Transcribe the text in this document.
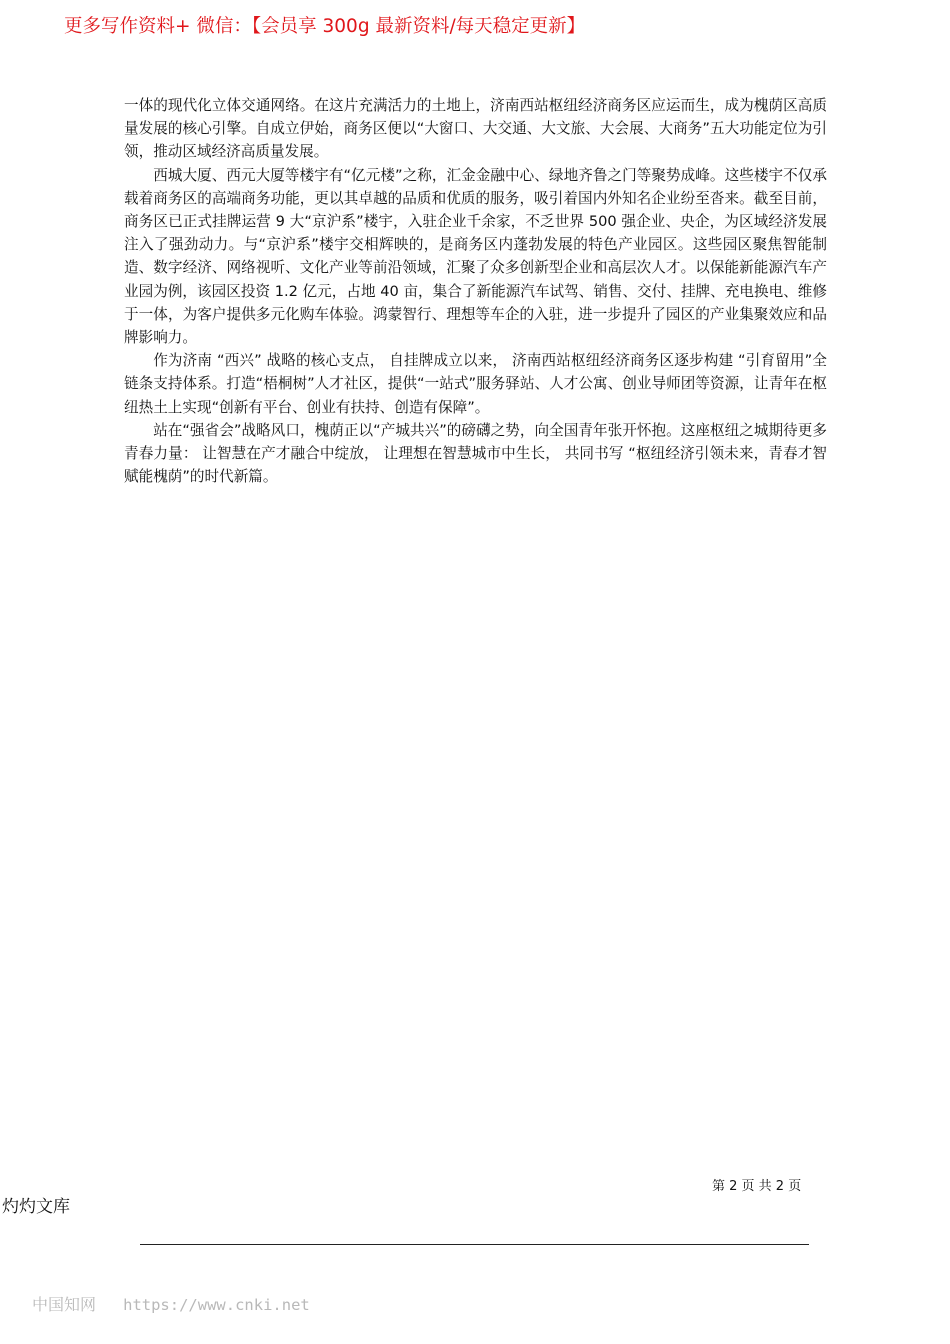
更多写作资料+ 微信：【会员享 300g 最新资料/每天稳定更新】

一体的现代化立体交通网络。在这片充满活力的土地上，济南西站枢纽经济商务区应运而生，成为槐荫区高质量发展的核心引擎。自成立伊始，商务区便以“大窗口、大交通、大文旅、大会展、大商务”五大功能定位为引领，推动区域经济高质量发展。

西城大厦、西元大厦等楼宇有“亿元楼”之称，汇金金融中心、绿地齐鲁之门等聚势成峰。这些楼宇不仅承载着商务区的高端商务功能，更以其卓越的品质和优质的服务，吸引着国内外知名企业纷至沓来。截至目前，商务区已正式挂牌运营 9 大“京沪系”楼宇，入驻企业千余家，不乏世界 500 强企业、央企，为区域经济发展注入了强劲动力。与“京沪系”楼宇交相辉映的，是商务区内蓬勃发展的特色产业园区。这些园区聚焦智能制造、数字经济、网络视听、文化产业等前沿领域，汇聚了众多创新型企业和高层次人才。以保能新能源汽车产业园为例，该园区投资 1.2 亿元，占地 40 亩，集合了新能源汽车试驾、销售、交付、挂牌、充电换电、维修于一体，为客户提供多元化购车体验。鸿蒙智行、理想等车企的入驻，进一步提升了园区的产业集聚效应和品牌影响力。

作为济南 “西兴” 战略的核心支点， 自挂牌成立以来， 济南西站枢纽经济商务区逐步构建 “引育留用”全链条支持体系。打造“梧桐树”人才社区，提供“一站式”服务驿站、人才公寓、创业导师团等资源，让青年在枢纽热土上实现“创新有平台、创业有扶持、创造有保障”。

站在“强省会”战略风口，槐荫正以“产城共兴”的磅礴之势，向全国青年张开怀抱。这座枢纽之城期待更多青春力量： 让智慧在产才融合中绽放， 让理想在智慧城市中生长， 共同书写 “枢纽经济引领未来，青春才智赋能槐荫”的时代新篇。

第 2 页 共 2 页
灼灼文库
中国知网 https://www.cnki.net
